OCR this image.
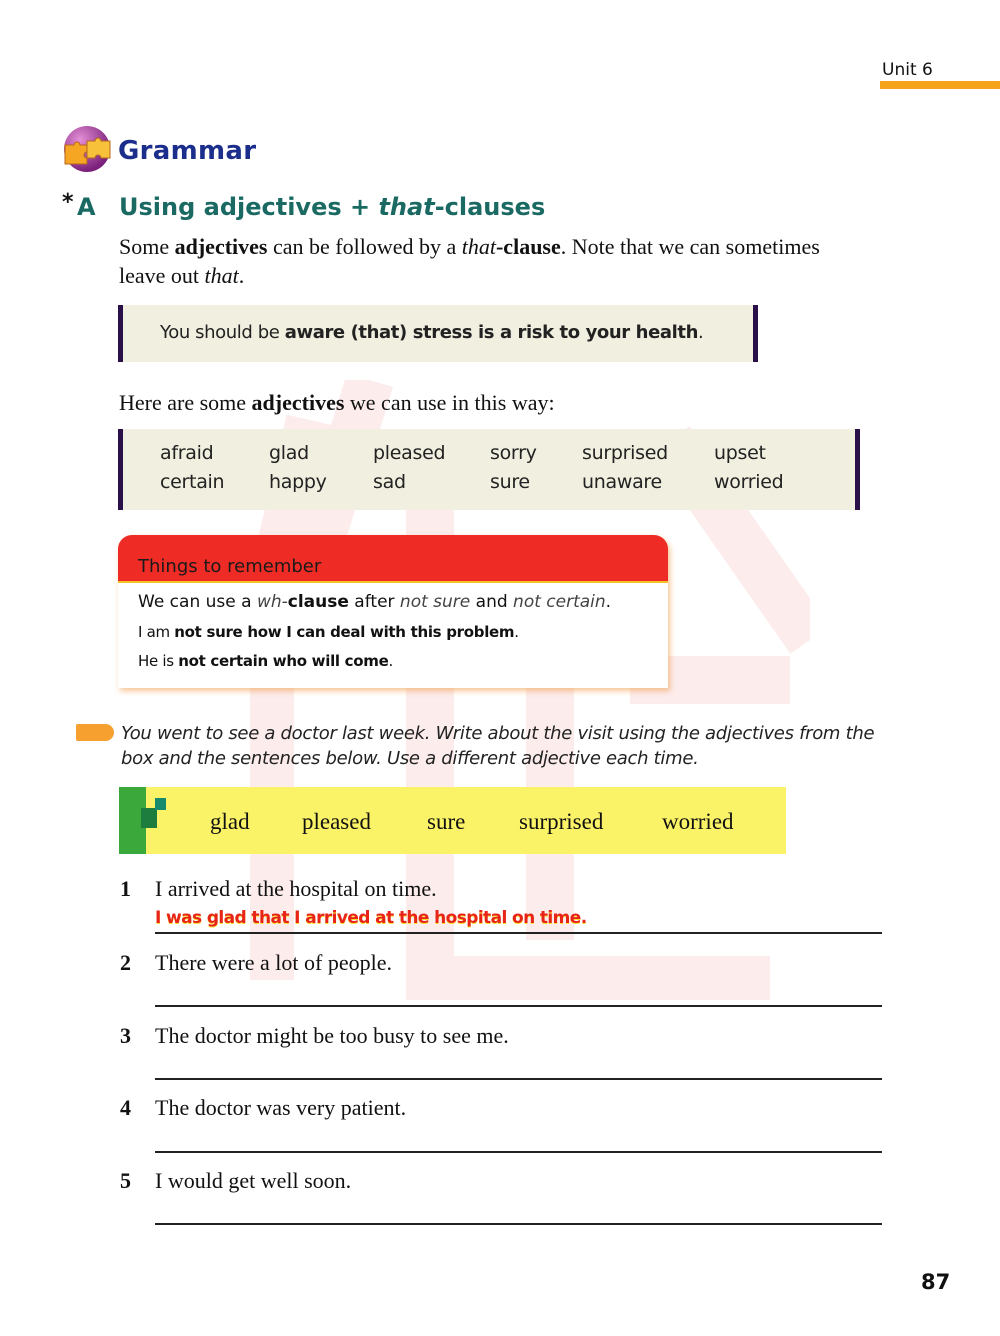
Unit 6
Grammar
* A Using adjectives + that-clauses
Some adjectives can be followed by a that-clause. Note that we can sometimes leave out that.
You should be aware (that) stress is a risk to your health.
Here are some adjectives we can use in this way:
afraid	glad	pleased	sorry	surprised	upset
certain	happy	sad	sure	unaware	worried
Things to remember
We can use a wh-clause after not sure and not certain.
I am not sure how I can deal with this problem.
He is not certain who will come.
You went to see a doctor last week. Write about the visit using the adjectives from the box and the sentences below. Use a different adjective each time.
glad pleased sure surprised	worried
1 I arrived at the hospital on time.
I was glad that I arrived at the hospital on time.
2 There were a lot of people.
3 The doctor might be too busy to see me.
4 The doctor was very patient.
5 I would get well soon.
87
